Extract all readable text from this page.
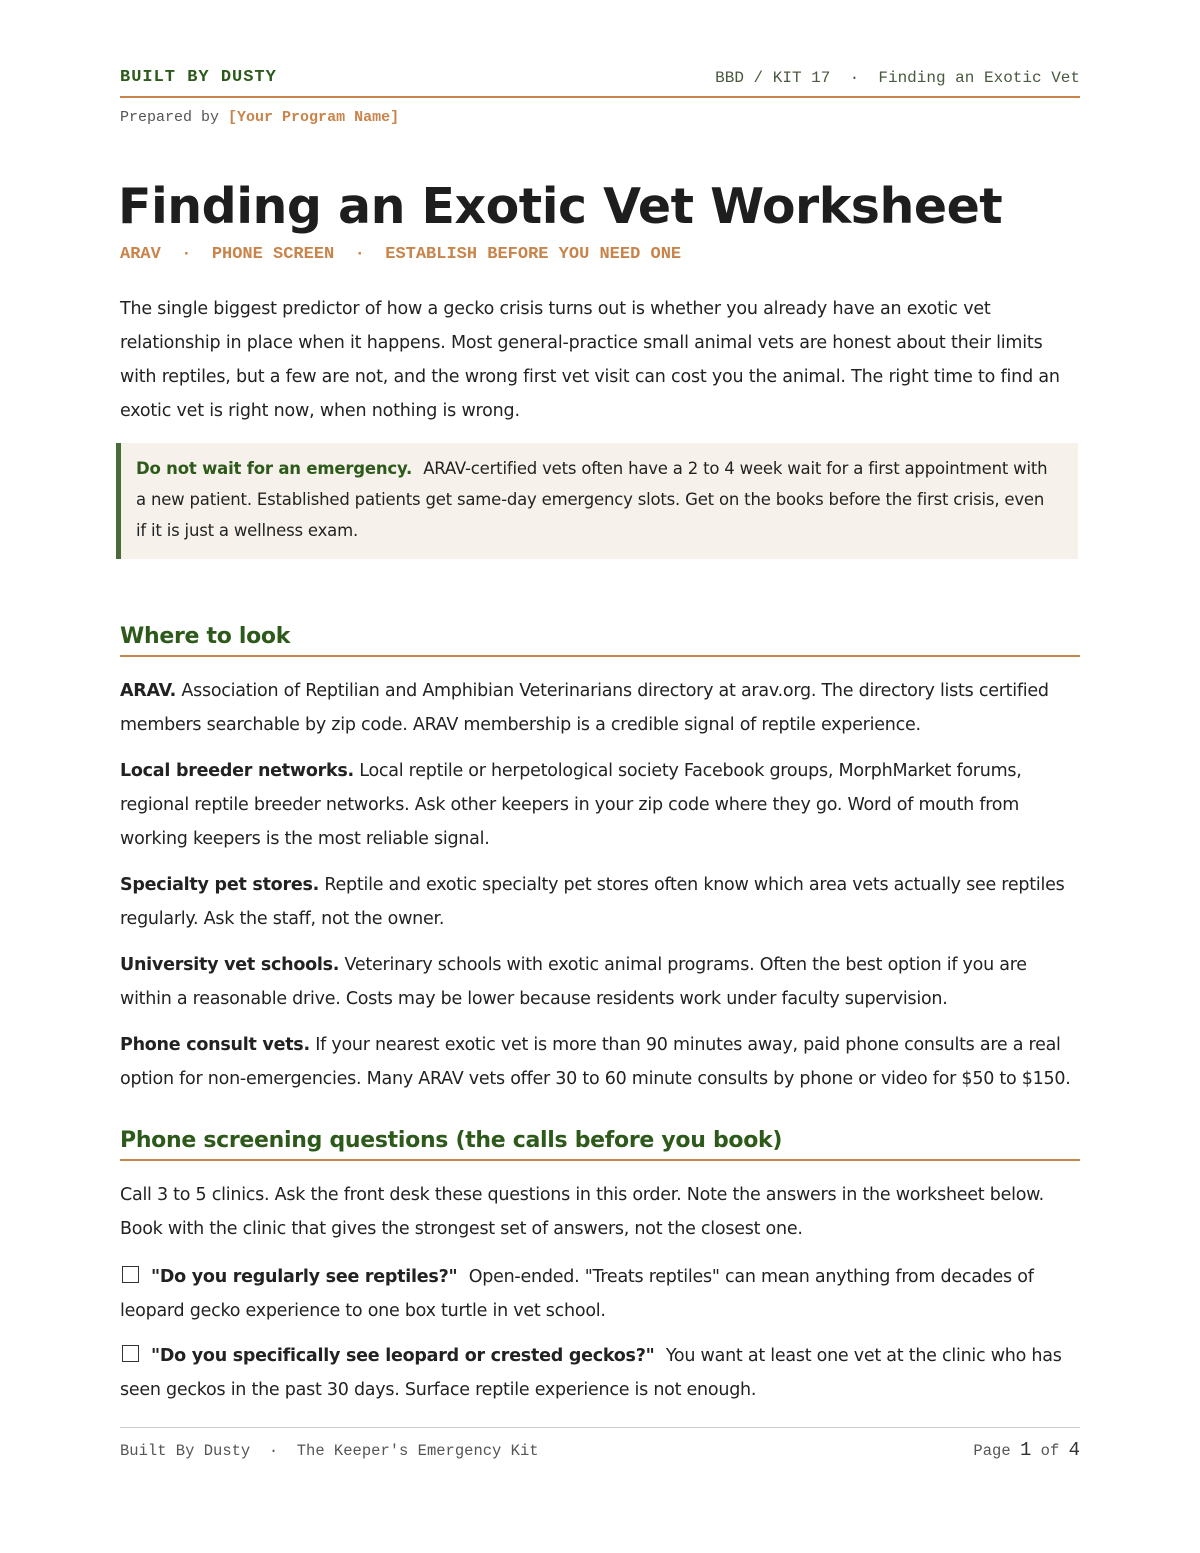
BUILT BY DUSTY	BBD / KIT 17  ·  Finding an Exotic Vet
Prepared by [Your Program Name]
Finding an Exotic Vet Worksheet
ARAV  ·  PHONE SCREEN  ·  ESTABLISH BEFORE YOU NEED ONE

The single biggest predictor of how a gecko crisis turns out is whether you already have an exotic vet relationship in place when it happens. Most general-practice small animal vets are honest about their limits with reptiles, but a few are not, and the wrong first vet visit can cost you the animal. The right time to find an exotic vet is right now, when nothing is wrong.

Do not wait for an emergency. ARAV-certified vets often have a 2 to 4 week wait for a first appointment with a new patient. Established patients get same-day emergency slots. Get on the books before the first crisis, even if it is just a wellness exam.

Where to look

ARAV. Association of Reptilian and Amphibian Veterinarians directory at arav.org. The directory lists certified members searchable by zip code. ARAV membership is a credible signal of reptile experience.

Local breeder networks. Local reptile or herpetological society Facebook groups, MorphMarket forums, regional reptile breeder networks. Ask other keepers in your zip code where they go. Word of mouth from working keepers is the most reliable signal.

Specialty pet stores. Reptile and exotic specialty pet stores often know which area vets actually see reptiles regularly. Ask the staff, not the owner.

University vet schools. Veterinary schools with exotic animal programs. Often the best option if you are within a reasonable drive. Costs may be lower because residents work under faculty supervision.

Phone consult vets. If your nearest exotic vet is more than 90 minutes away, paid phone consults are a real option for non-emergencies. Many ARAV vets offer 30 to 60 minute consults by phone or video for $50 to $150.

Phone screening questions (the calls before you book)

Call 3 to 5 clinics. Ask the front desk these questions in this order. Note the answers in the worksheet below. Book with the clinic that gives the strongest set of answers, not the closest one.

"Do you regularly see reptiles?" Open-ended. "Treats reptiles" can mean anything from decades of leopard gecko experience to one box turtle in vet school.

"Do you specifically see leopard or crested geckos?" You want at least one vet at the clinic who has seen geckos in the past 30 days. Surface reptile experience is not enough.

Built By Dusty  ·  The Keeper's Emergency Kit	Page 1 of 4
